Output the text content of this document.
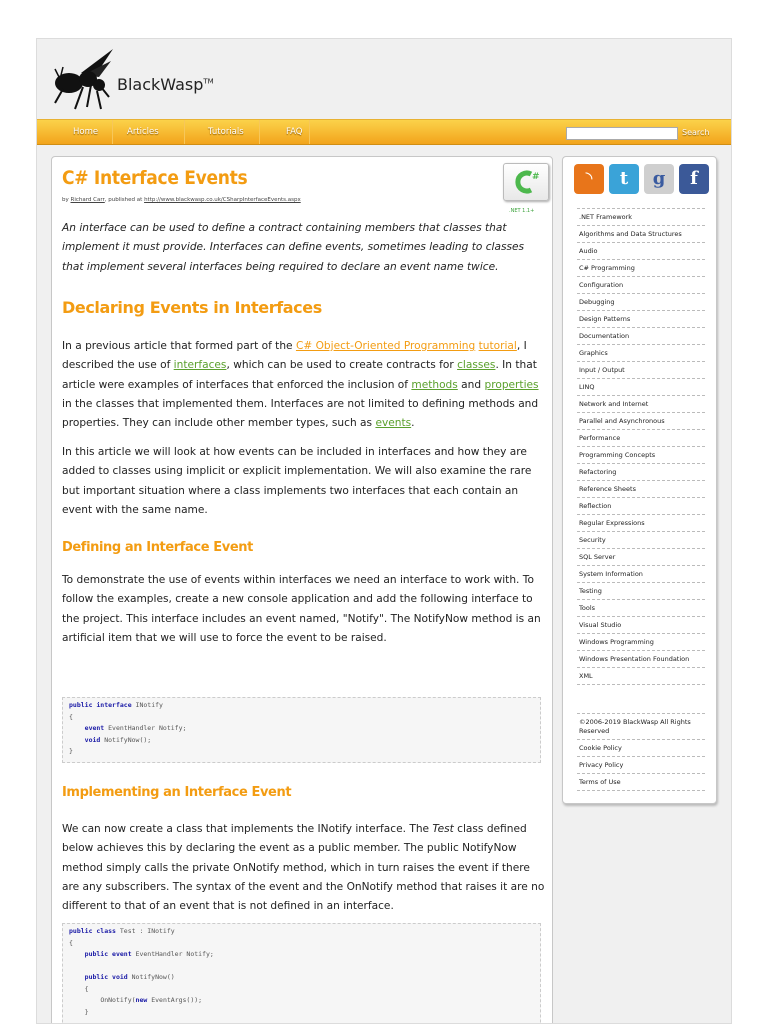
BlackWasp™
Home	Articles	Tutorials	FAQ	Search
C# Interface Events
by Richard Carr, published at http://www.blackwasp.co.uk/CSharpInterfaceEvents.aspx
#
.NET 1.1+

An interface can be used to define a contract containing members that classes that implement it must provide. Interfaces can define events, sometimes leading to classes that implement several interfaces being required to declare an event name twice.

Declaring Events in Interfaces

In a previous article that formed part of the C# Object-Oriented Programming tutorial, I described the use of interfaces, which can be used to create contracts for classes. In that article were examples of interfaces that enforced the inclusion of methods and properties in the classes that implemented them. Interfaces are not limited to defining methods and properties. They can include other member types, such as events.

In this article we will look at how events can be included in interfaces and how they are added to classes using implicit or explicit implementation. We will also examine the rare but important situation where a class implements two interfaces that each contain an event with the same name.

Defining an Interface Event

To demonstrate the use of events within interfaces we need an interface to work with. To follow the examples, create a new console application and add the following interface to the project. This interface includes an event named, "Notify". The NotifyNow method is an artificial item that we will use to force the event to be raised.

public interface INotify
{
event EventHandler Notify;
void NotifyNow();
}
Implementing an Interface Event

We can now create a class that implements the INotify interface. The Test class defined below achieves this by declaring the event as a public member. The public NotifyNow method simply calls the private OnNotify method, which in turn raises the event if there are any subscribers. The syntax of the event and the OnNotify method that raises it are no different to that of an event that is not defined in an interface.

public class Test : INotify
{
public event EventHandler Notify;

public void NotifyNow()
{
OnNotify(new EventArgs());
}
◝	t	g	f
.NET Framework
Algorithms and Data Structures
Audio
C# Programming
Configuration
Debugging
Design Patterns
Documentation
Graphics
Input / Output
LINQ
Network and Internet
Parallel and Asynchronous
Performance
Programming Concepts
Refactoring
Reference Sheets
Reflection
Regular Expressions
Security
SQL Server
System Information
Testing
Tools
Visual Studio
Windows Programming
Windows Presentation Foundation
XML
©2006-2019 BlackWasp All Rights Reserved
Cookie Policy
Privacy Policy
Terms of Use
